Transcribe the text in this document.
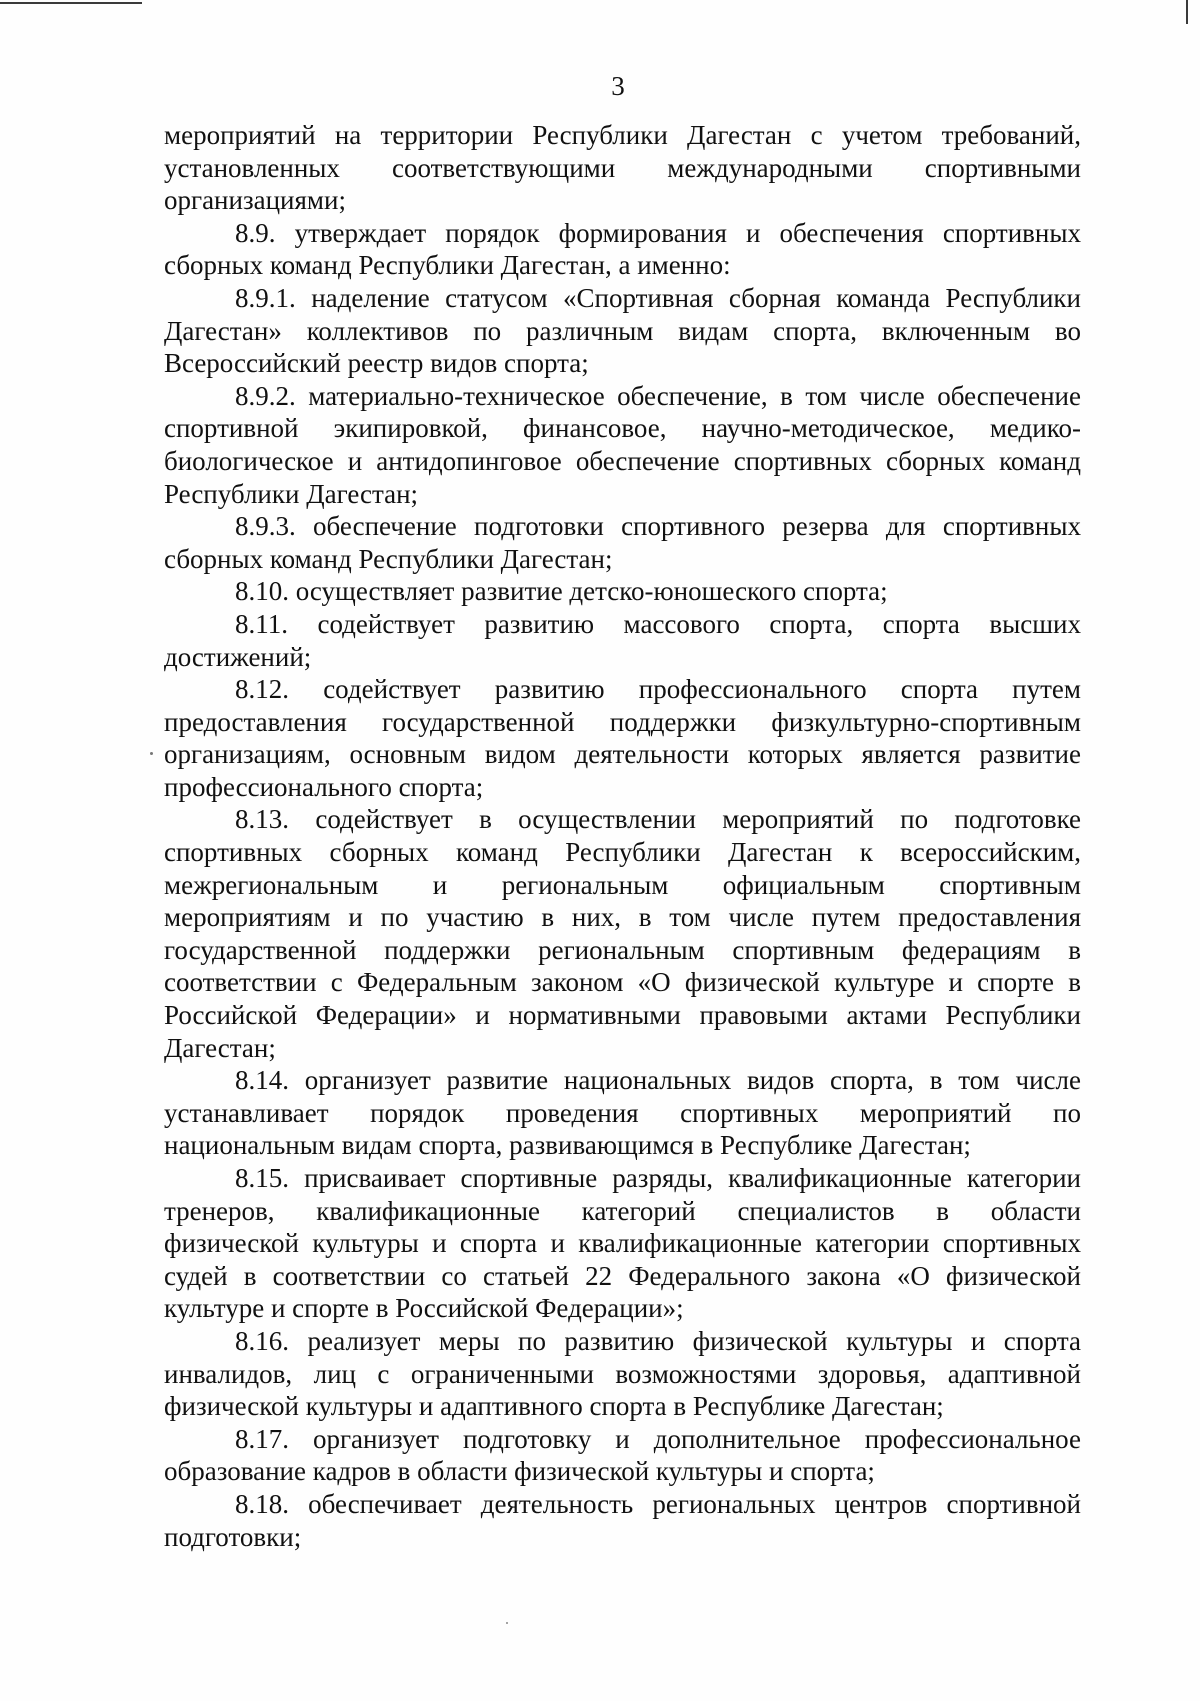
3
мероприятий на территории Республики Дагестан с учетом требований,
установленных соответствующими международными спортивными
организациями;
8.9. утверждает порядок формирования и обеспечения спортивных
сборных команд Республики Дагестан, а именно:
8.9.1. наделение статусом «Спортивная сборная команда Республики
Дагестан» коллективов по различным видам спорта, включенным во
Всероссийский реестр видов спорта;
8.9.2. материально-техническое обеспечение, в том числе обеспечение
спортивной экипировкой, финансовое, научно-методическое, медико-
биологическое и антидопинговое обеспечение спортивных сборных команд
Республики Дагестан;
8.9.3. обеспечение подготовки спортивного резерва для спортивных
сборных команд Республики Дагестан;
8.10. осуществляет развитие детско-юношеского спорта;
8.11. содействует развитию массового спорта, спорта высших
достижений;
8.12. содействует развитию профессионального спорта путем
предоставления государственной поддержки физкультурно-спортивным
организациям, основным видом деятельности которых является развитие
профессионального спорта;
8.13. содействует в осуществлении мероприятий по подготовке
спортивных сборных команд Республики Дагестан к всероссийским,
межрегиональным и региональным официальным спортивным
мероприятиям и по участию в них, в том числе путем предоставления
государственной поддержки региональным спортивным федерациям в
соответствии с Федеральным законом «О физической культуре и спорте в
Российской Федерации» и нормативными правовыми актами Республики
Дагестан;
8.14. организует развитие национальных видов спорта, в том числе
устанавливает порядок проведения спортивных мероприятий по
национальным видам спорта, развивающимся в Республике Дагестан;
8.15. присваивает спортивные разряды, квалификационные категории
тренеров, квалификационные категорий специалистов в области
физической культуры и спорта и квалификационные категории спортивных
судей в соответствии со статьей 22 Федерального закона «О физической
культуре и спорте в Российской Федерации»;
8.16. реализует меры по развитию физической культуры и спорта
инвалидов, лиц с ограниченными возможностями здоровья, адаптивной
физической культуры и адаптивного спорта в Республике Дагестан;
8.17. организует подготовку и дополнительное профессиональное
образование кадров в области физической культуры и спорта;
8.18. обеспечивает деятельность региональных центров спортивной
подготовки;
